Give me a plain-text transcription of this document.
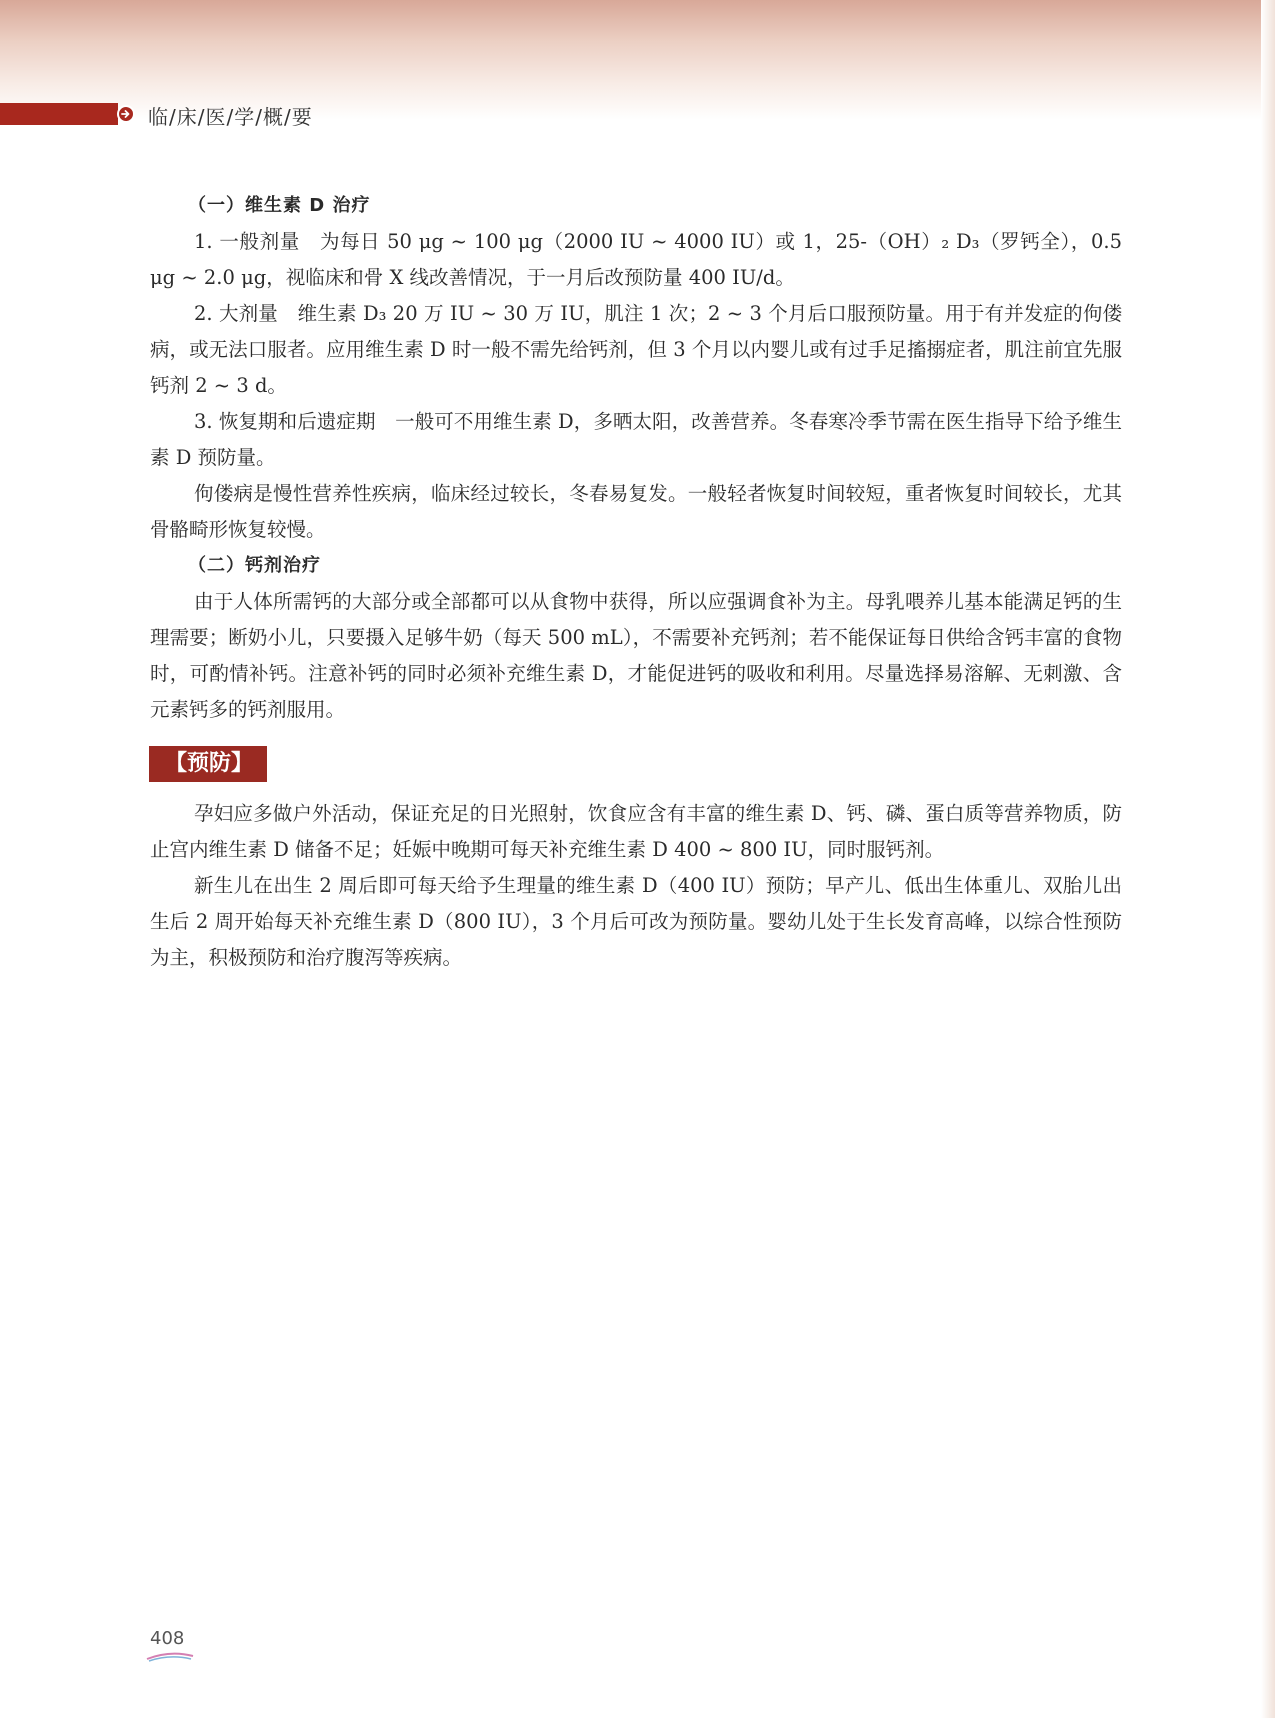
临/床/医/学/概/要
（一）维生素 D 治疗

1. 一般剂量　为每日 50 μg ~ 100 μg（2000 IU ~ 4000 IU）或 1，25-（OH）₂ D₃（罗钙全），0.5 μg ~ 2.0 μg，视临床和骨 X 线改善情况，于一月后改预防量 400 IU/d。

2. 大剂量　维生素 D₃ 20 万 IU ~ 30 万 IU，肌注 1 次；2 ~ 3 个月后口服预防量。用于有并发症的佝偻病，或无法口服者。应用维生素 D 时一般不需先给钙剂，但 3 个月以内婴儿或有过手足搐搦症者，肌注前宜先服钙剂 2 ~ 3 d。

3. 恢复期和后遗症期　一般可不用维生素 D，多晒太阳，改善营养。冬春寒冷季节需在医生指导下给予维生素 D 预防量。

佝偻病是慢性营养性疾病，临床经过较长，冬春易复发。一般轻者恢复时间较短，重者恢复时间较长，尤其骨骼畸形恢复较慢。

（二）钙剂治疗

由于人体所需钙的大部分或全部都可以从食物中获得，所以应强调食补为主。母乳喂养儿基本能满足钙的生理需要；断奶小儿，只要摄入足够牛奶（每天 500 mL），不需要补充钙剂；若不能保证每日供给含钙丰富的食物时，可酌情补钙。注意补钙的同时必须补充维生素 D，才能促进钙的吸收和利用。尽量选择易溶解、无刺激、含元素钙多的钙剂服用。

【预防】

孕妇应多做户外活动，保证充足的日光照射，饮食应含有丰富的维生素 D、钙、磷、蛋白质等营养物质，防止宫内维生素 D 储备不足；妊娠中晚期可每天补充维生素 D 400 ~ 800 IU，同时服钙剂。

新生儿在出生 2 周后即可每天给予生理量的维生素 D（400 IU）预防；早产儿、低出生体重儿、双胎儿出生后 2 周开始每天补充维生素 D（800 IU），3 个月后可改为预防量。婴幼儿处于生长发育高峰，以综合性预防为主，积极预防和治疗腹泻等疾病。

408
